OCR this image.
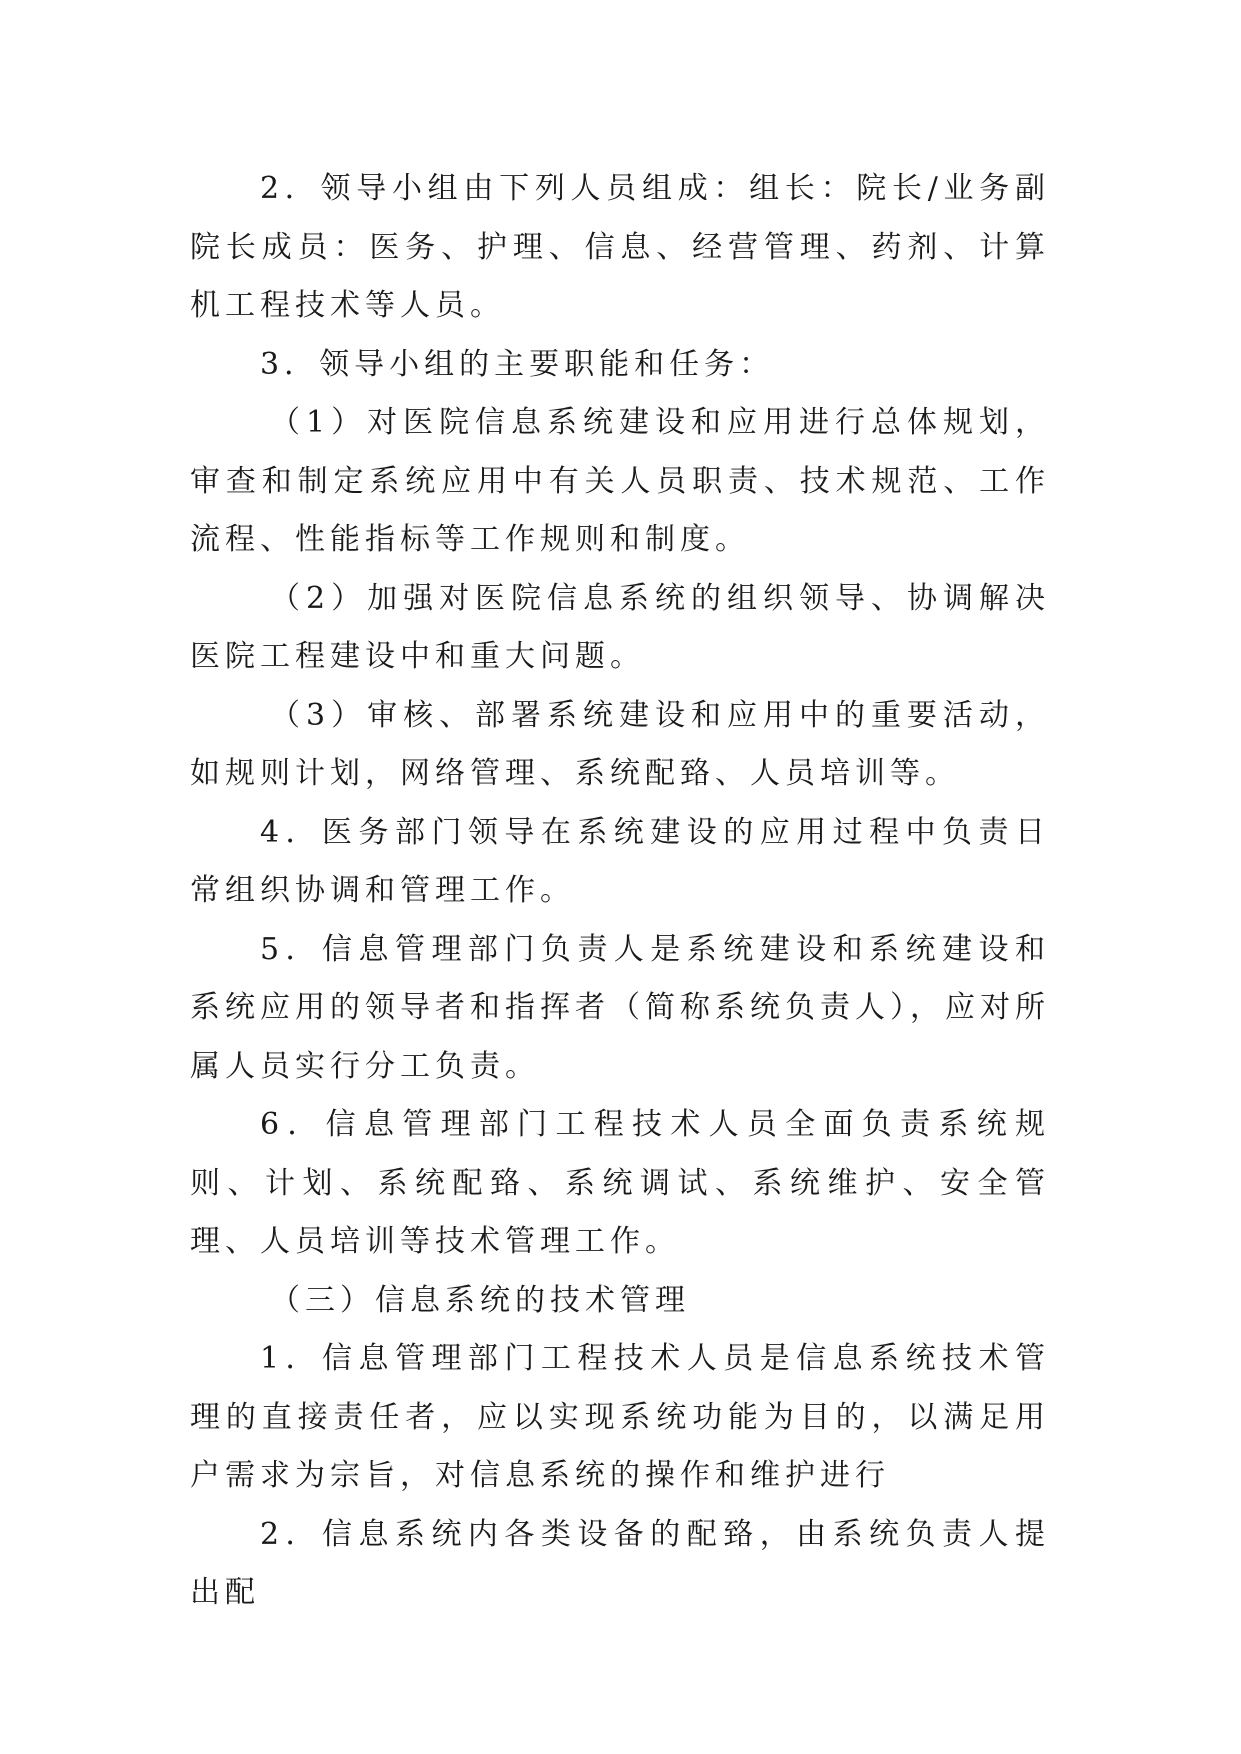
2．领导小组由下列人员组成：组长：院长/业务副院长成员：医务、护理、信息、经营管理、药剂、计算机工程技术等人员。

3．领导小组的主要职能和任务：

（1）对医院信息系统建设和应用进行总体规划，审查和制定系统应用中有关人员职责、技术规范、工作流程、性能指标等工作规则和制度。

（2）加强对医院信息系统的组织领导、协调解决医院工程建设中和重大问题。

（3）审核、部署系统建设和应用中的重要活动，如规则计划，网络管理、系统配臵、人员培训等。

4．医务部门领导在系统建设的应用过程中负责日常组织协调和管理工作。

5．信息管理部门负责人是系统建设和系统建设和系统应用的领导者和指挥者（简称系统负责人），应对所属人员实行分工负责。

6．信息管理部门工程技术人员全面负责系统规则、计划、系统配臵、系统调试、系统维护、安全管理、人员培训等技术管理工作。

（三）信息系统的技术管理

1．信息管理部门工程技术人员是信息系统技术管理的直接责任者，应以实现系统功能为目的，以满足用户需求为宗旨，对信息系统的操作和维护进行

2．信息系统内各类设备的配臵，由系统负责人提出配
